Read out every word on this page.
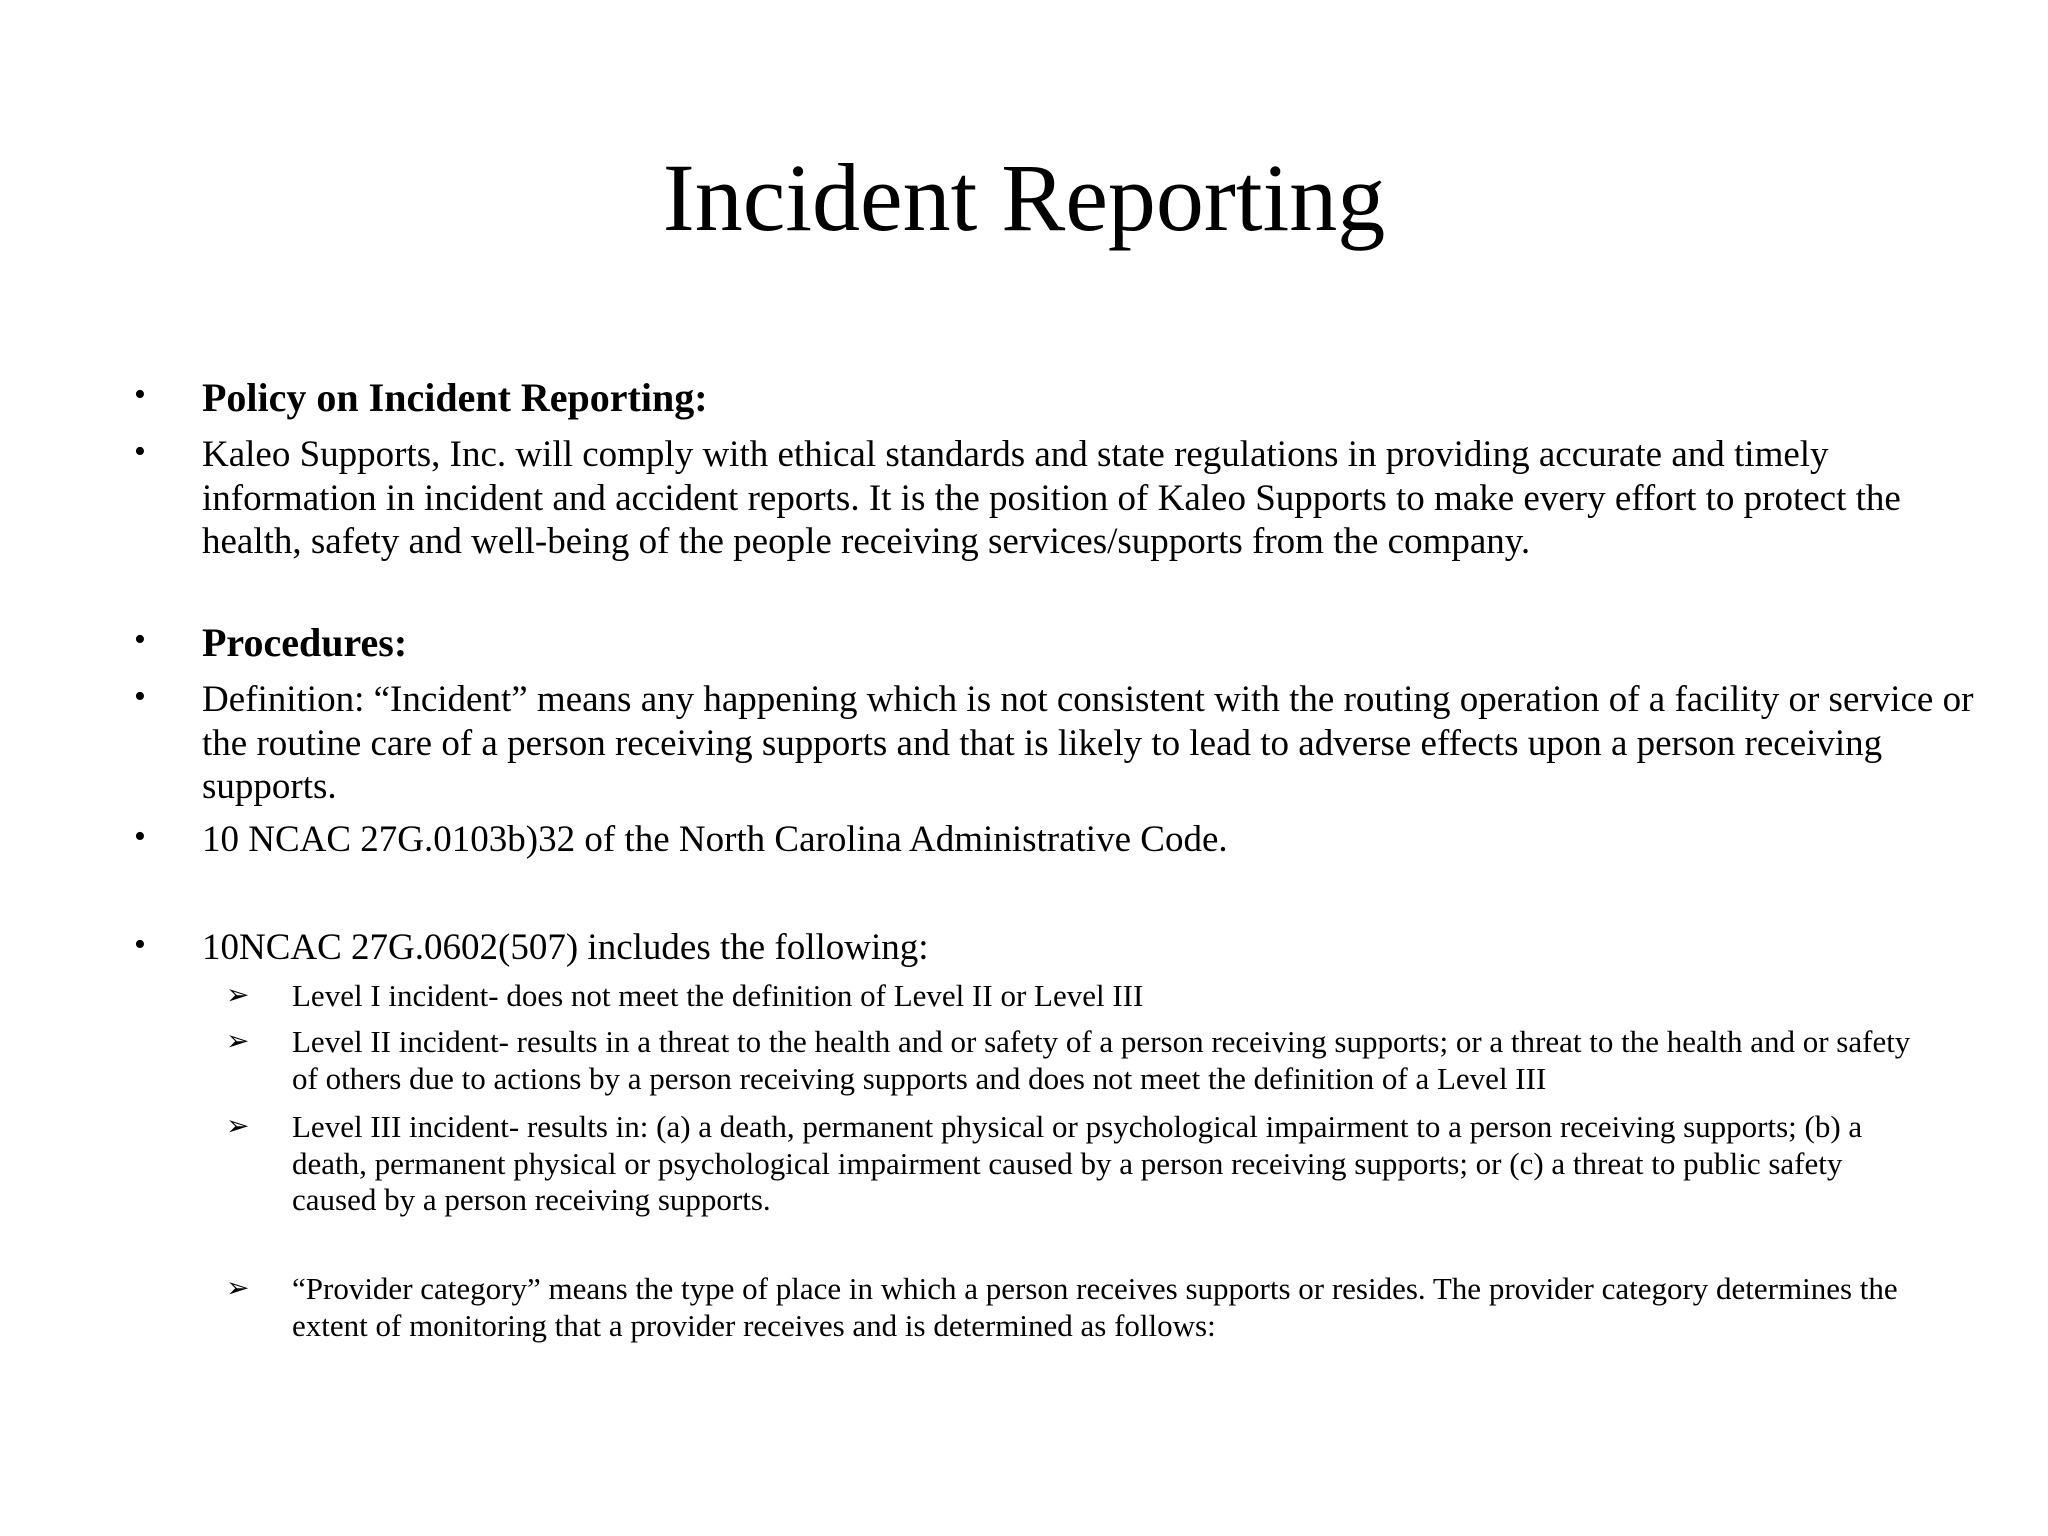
Incident Reporting
•	Policy on Incident Reporting:
•	Kaleo Supports, Inc. will comply with ethical standards and state regulations in providing accurate and timely information in incident and accident reports. It is the position of Kaleo Supports to make every effort to protect the health, safety and well-being of the people receiving services/supports from the company.
•	Procedures:
•	Definition: “Incident” means any happening which is not consistent with the routing operation of a facility or service or the routine care of a person receiving supports and that is likely to lead to adverse effects upon a person receiving supports.
•	10 NCAC 27G.0103b)32 of the North Carolina Administrative Code.
•	10NCAC 27G.0602(507) includes the following:
➢	Level I incident- does not meet the definition of Level II or Level III
➢	Level II incident- results in a threat to the health and or safety of a person receiving supports; or a threat to the health and or safety of others due to actions by a person receiving supports and does not meet the definition of a Level III
➢	Level III incident- results in: (a) a death, permanent physical or psychological impairment to a person receiving supports; (b) a death, permanent physical or psychological impairment caused by a person receiving supports; or (c) a threat to public safety caused by a person receiving supports.
➢	“Provider category” means the type of place in which a person receives supports or resides. The provider category determines the extent of monitoring that a provider receives and is determined as follows:
